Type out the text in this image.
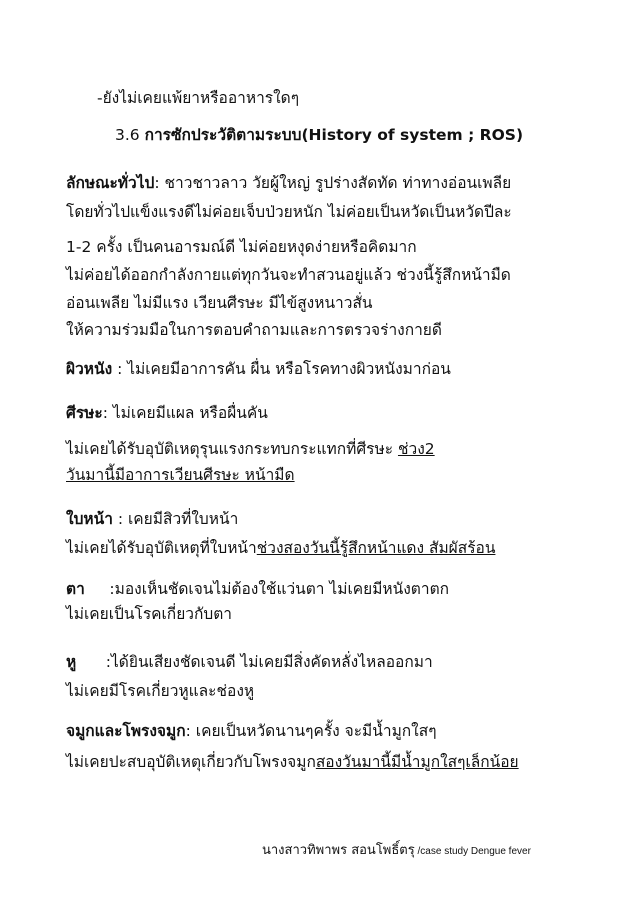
-ยังไม่เคยแพ้ยาหรืออาหารใดๆ
3.6 การซักประวัติตามระบบ(History of system ; ROS)
ลักษณะทั่วไป: ชาวชาวลาว วัยผู้ใหญ่ รูปร่างสัดทัด ท่าทางอ่อนเพลีย
โดยทั่วไปแข็งแรงดีไม่ค่อยเจ็บป่วยหนัก ไม่ค่อยเป็นหวัดเป็นหวัดปีละ
1-2 ครั้ง เป็นคนอารมณ์ดี ไม่ค่อยหงุดง่ายหรือคิดมาก
ไม่ค่อยได้ออกกำลังกายแต่ทุกวันจะทำสวนอยู่แล้ว ช่วงนี้รู้สึกหน้ามืด
อ่อนเพลีย ไม่มีแรง เวียนศีรษะ มีไข้สูงหนาวสั่น
ให้ความร่วมมือในการตอบคำถามและการตรวจร่างกายดี
ผิวหนัง : ไม่เคยมีอาการคัน ผื่น หรือโรคทางผิวหนังมาก่อน
ศีรษะ: ไม่เคยมีแผล หรือผื่นคัน
ไม่เคยได้รับอุบัติเหตุรุนแรงกระทบกระแทกที่ศีรษะ ช่วง2
วันมานี้มีอาการเวียนศีรษะ หน้ามืด
ใบหน้า : เคยมีสิวที่ใบหน้า
ไม่เคยได้รับอุบัติเหตุที่ใบหน้าช่วงสองวันนี้รู้สึกหน้าแดง สัมผัสร้อน
ตา     :มองเห็นชัดเจนไม่ต้องใช้แว่นตา ไม่เคยมีหนังตาตก
ไม่เคยเป็นโรคเกี่ยวกับตา
หู      :ได้ยินเสียงชัดเจนดี ไม่เคยมีสิ่งคัดหลั่งไหลออกมา
ไม่เคยมีโรคเกี่ยวหูและช่องหู
จมูกและโพรงจมูก: เคยเป็นหวัดนานๆครั้ง จะมีน้ำมูกใสๆ
ไม่เคยปะสบอุบัติเหตุเกี่ยวกับโพรงจมูกสองวันมานี้มีน้ำมูกใสๆเล็กน้อย
นางสาวทิพาพร สอนโพธิ์ตรุ /case study Dengue fever
